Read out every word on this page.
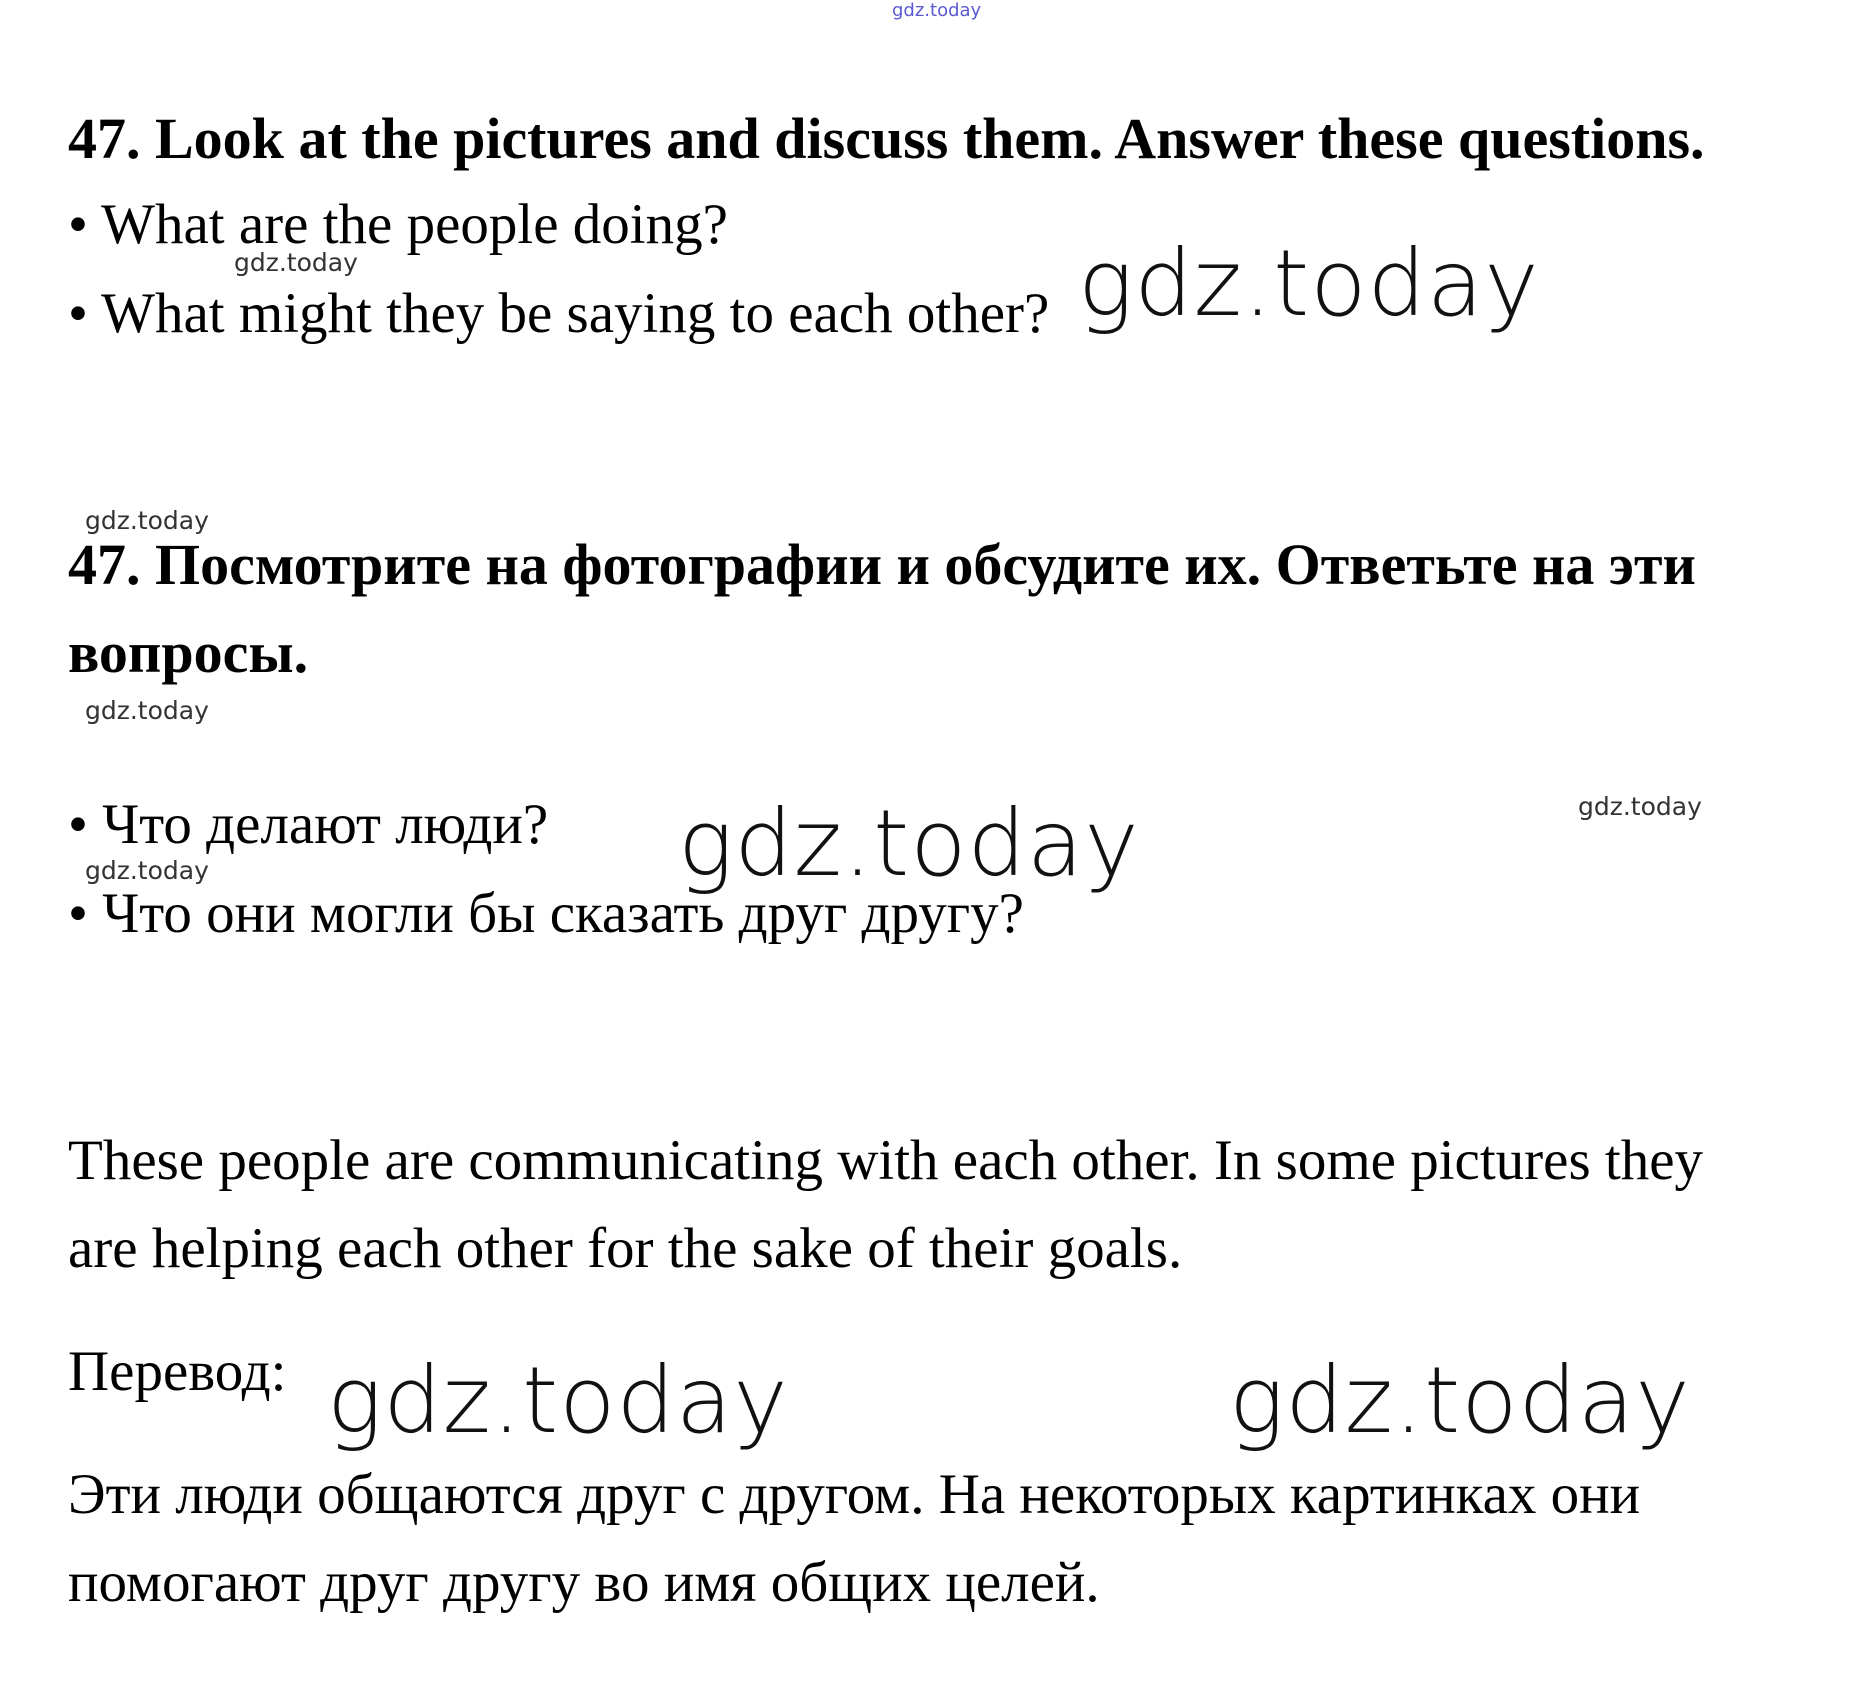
gdz.today
47. Look at the pictures and discuss them. Answer these questions.
• What are the people doing?
gdz.today
• What might they be saying to each other? gdz.today
gdz.today
47. Посмотрите на фотографии и обсудите их. Ответьте на эти
вопросы.
gdz.today
• Что делают люди? gdz.today	gdz.today
gdz.today
• Что они могли бы сказать друг другу?
These people are communicating with each other. In some pictures they
are helping each other for the sake of their goals.
Перевод: gdz.today	gdz.today
Эти люди общаются друг с другом. На некоторых картинках они
помогают друг другу во имя общих целей.
